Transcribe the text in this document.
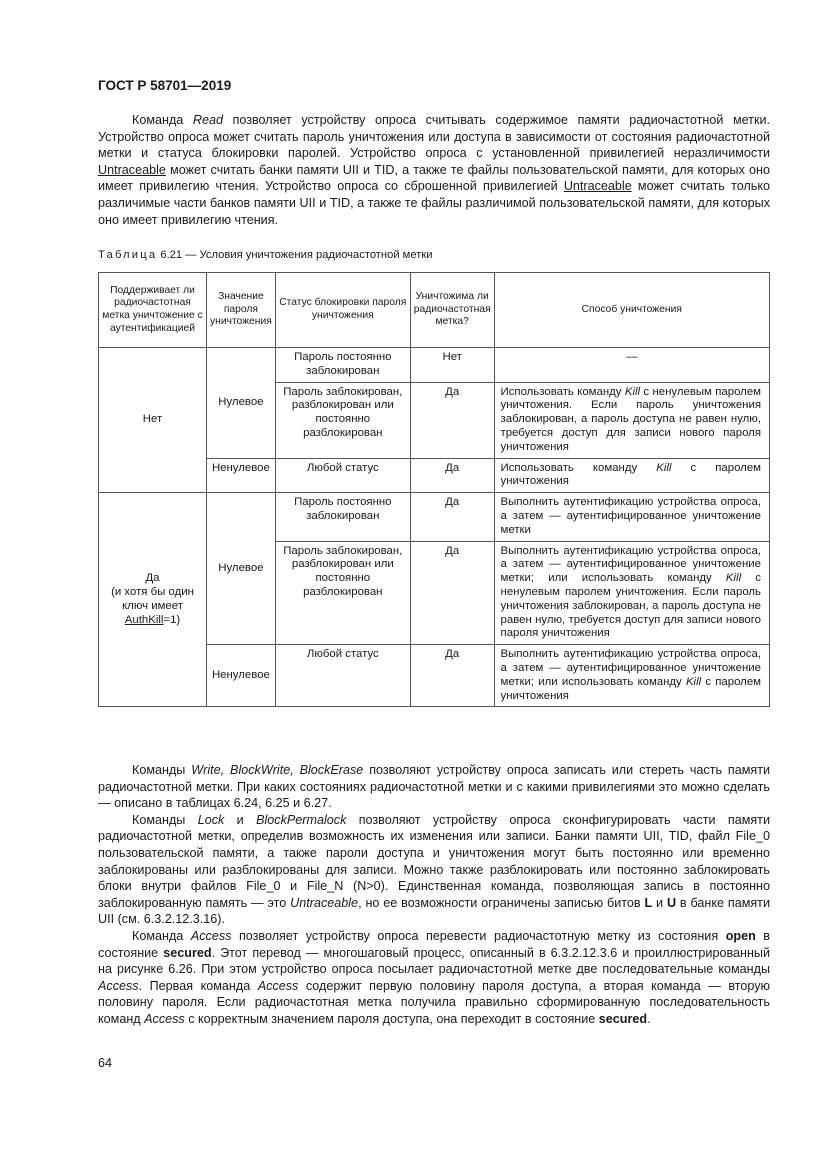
ГОСТ Р 58701—2019

Команда Read позволяет устройству опроса считывать содержимое памяти радиочастотной метки. Устройство опроса может считать пароль уничтожения или доступа в зависимости от состояния радиочастотной метки и статуса блокировки паролей. Устройство опроса с установленной привилегией неразличимости Untraceable может считать банки памяти UII и TID, а также те файлы пользовательской памяти, для которых оно имеет привилегию чтения. Устройство опроса со сброшенной привилегией Untraceable может считать только различимые части банков памяти UII и TID, а также те файлы различимой пользовательской памяти, для которых оно имеет привилегию чтения.

Таблица 6.21 — Условия уничтожения радиочастотной метки
Поддерживает ли радиочастотная метка уничтожение с аутентификацией	Значение пароля уничтожения	Статус блокировки пароля уничтожения	Уничтожима ли радиочастотная метка?	Способ уничтожения
Нет	Нулевое	Пароль постоянно заблокирован	Нет	—
		Пароль заблокирован, разблокирован или постоянно разблокирован	Да	Использовать команду Kill с ненулевым паролем уничтожения. Если пароль уничтожения заблокирован, а пароль доступа не равен нулю, требуется доступ для записи нового пароля уничтожения
	Ненулевое	Любой статус	Да	Использовать команду Kill с паролем уничтожения
Да
(и хотя бы один
ключ имеет
AuthKill=1)	Нулевое	Пароль постоянно заблокирован	Да	Выполнить аутентификацию устройства опроса, а затем — аутентифицированное уничтожение метки
		Пароль заблокирован, разблокирован или постоянно разблокирован	Да	Выполнить аутентификацию устройства опроса, а затем — аутентифицированное уничтожение метки; или использовать команду Kill с ненулевым паролем уничтожения. Если пароль уничтожения заблокирован, а пароль доступа не равен нулю, требуется доступ для записи нового пароля уничтожения
	Ненулевое	Любой статус	Да	Выполнить аутентификацию устройства опроса, а затем — аутентифицированное уничтожение метки; или использовать команду Kill с паролем уничтожения

Команды Write, BlockWrite, BlockErase позволяют устройству опроса записать или стереть часть памяти радиочастотной метки. При каких состояниях радиочастотной метки и с какими привилегиями это можно сделать — описано в таблицах 6.24, 6.25 и 6.27.

Команды Lock и BlockPermalock позволяют устройству опроса сконфигурировать части памяти радиочастотной метки, определив возможность их изменения или записи. Банки памяти UII, TID, файл File_0 пользовательской памяти, а также пароли доступа и уничтожения могут быть постоянно или временно заблокированы или разблокированы для записи. Можно также разблокировать или постоянно заблокировать блоки внутри файлов File_0 и File_N (N>0). Единственная команда, позволяющая запись в постоянно заблокированную память — это Untraceable, но ее возможности ограничены записью битов L и U в банке памяти UII (см. 6.3.2.12.3.16).

Команда Access позволяет устройству опроса перевести радиочастотную метку из состояния open в состояние secured. Этот перевод — многошаговый процесс, описанный в 6.3.2.12.3.6 и проиллюстрированный на рисунке 6.26. При этом устройство опроса посылает радиочастотной метке две последовательные команды Access. Первая команда Access содержит первую половину пароля доступа, а вторая команда — вторую половину пароля. Если радиочастотная метка получила правильно сформированную последовательность команд Access с корректным значением пароля доступа, она переходит в состояние secured.

64
